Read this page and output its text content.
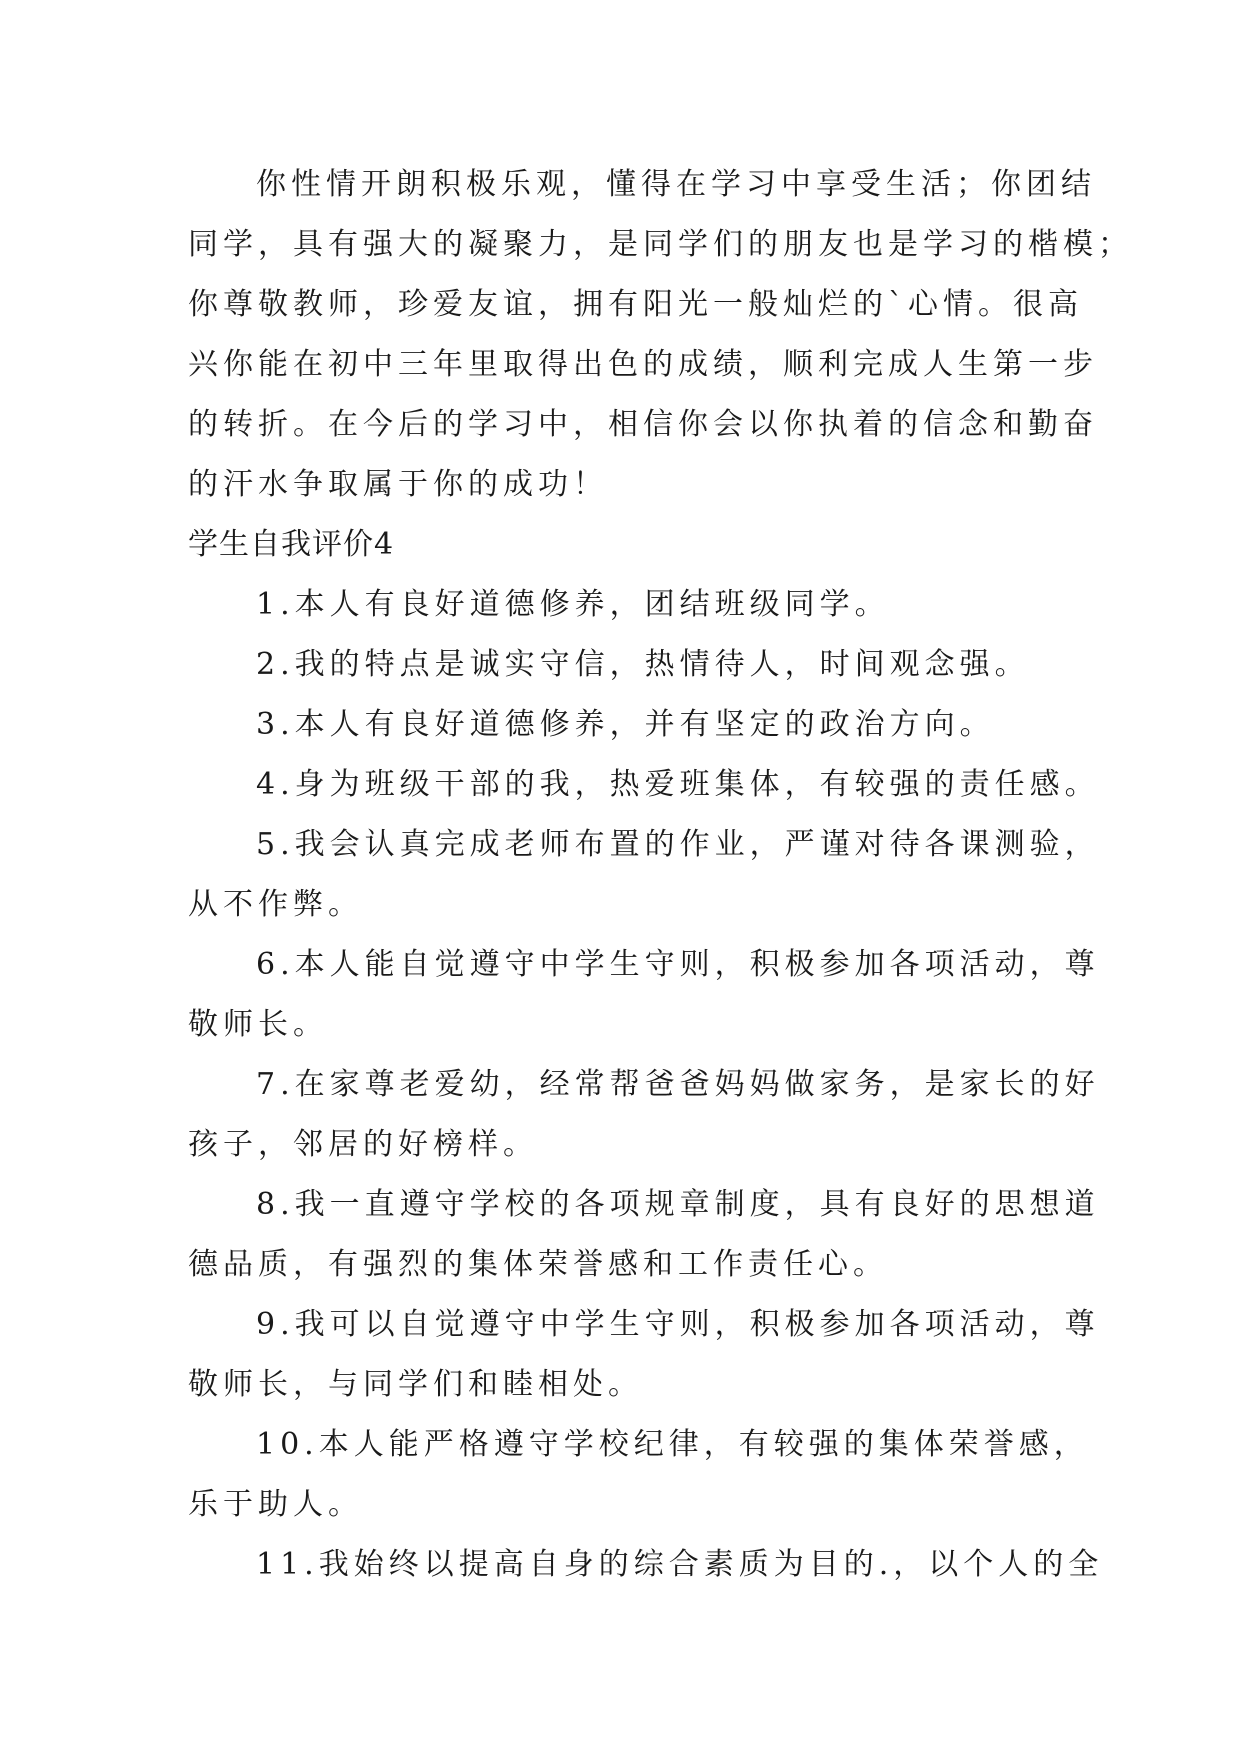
你性情开朗积极乐观，懂得在学习中享受生活；你团结
同学，具有强大的凝聚力，是同学们的朋友也是学习的楷模；
你尊敬教师，珍爱友谊，拥有阳光一般灿烂的`心情。很高
兴你能在初中三年里取得出色的成绩，顺利完成人生第一步
的转折。在今后的学习中，相信你会以你执着的信念和勤奋
的汗水争取属于你的成功！
学生自我评价4
1.本人有良好道德修养，团结班级同学。
2.我的特点是诚实守信，热情待人，时间观念强。
3.本人有良好道德修养，并有坚定的政治方向。
4.身为班级干部的我，热爱班集体，有较强的责任感。
5.我会认真完成老师布置的作业，严谨对待各课测验，
从不作弊。
6.本人能自觉遵守中学生守则，积极参加各项活动，尊
敬师长。
7.在家尊老爱幼，经常帮爸爸妈妈做家务，是家长的好
孩子，邻居的好榜样。
8.我一直遵守学校的各项规章制度，具有良好的思想道
德品质，有强烈的集体荣誉感和工作责任心。
9.我可以自觉遵守中学生守则，积极参加各项活动，尊
敬师长，与同学们和睦相处。
10.本人能严格遵守学校纪律，有较强的集体荣誉感，
乐于助人。
11.我始终以提高自身的综合素质为目的.，以个人的全
